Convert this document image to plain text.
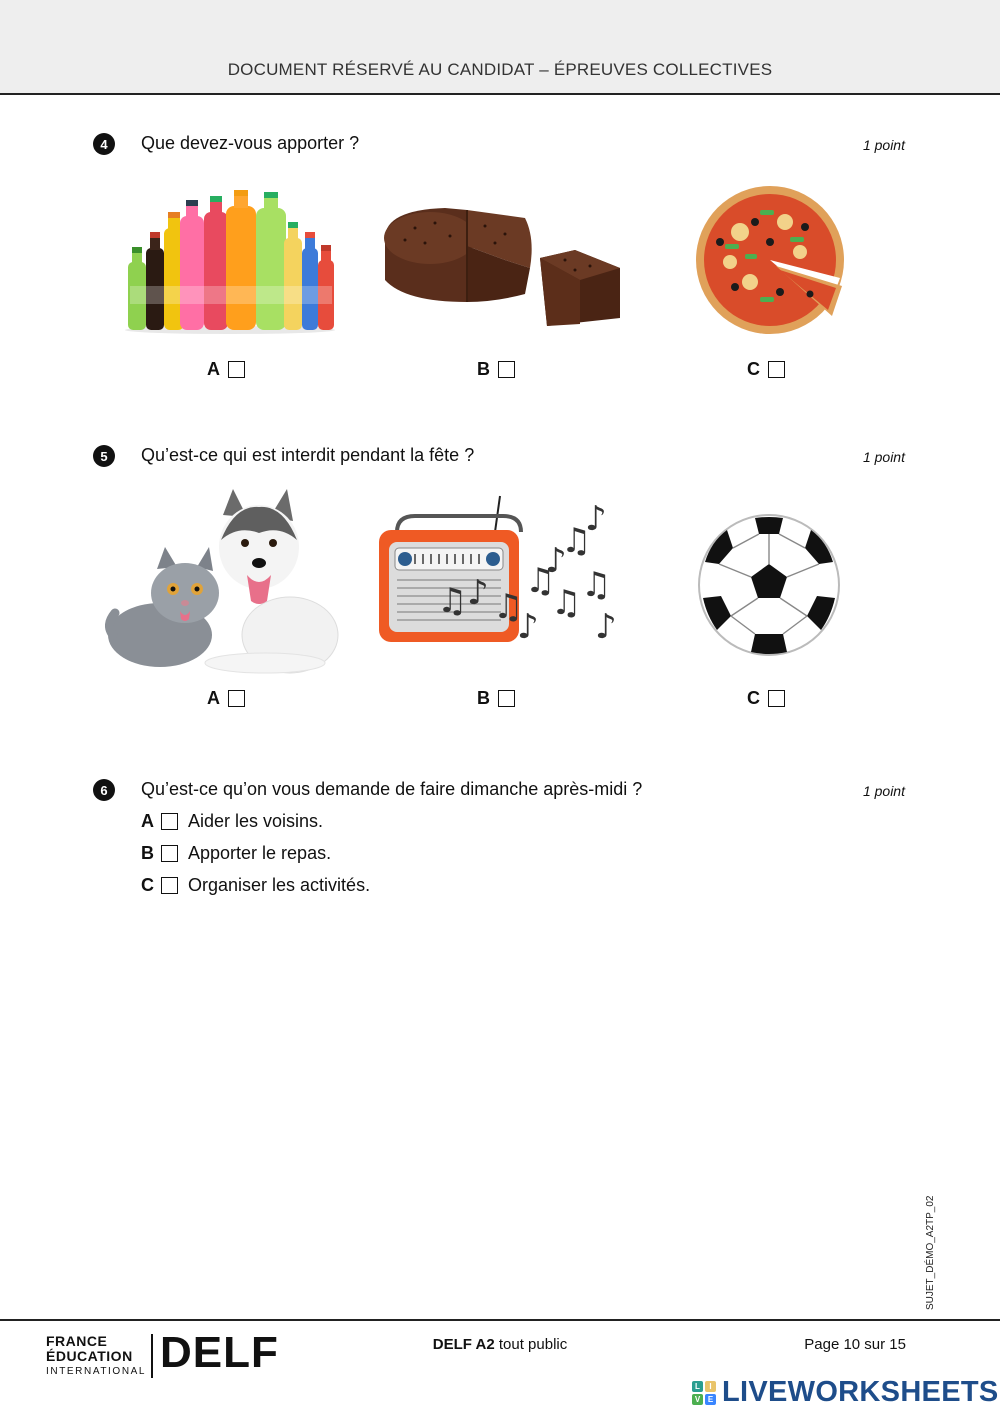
DOCUMENT RÉSERVÉ AU CANDIDAT – ÉPREUVES COLLECTIVES
4	Que devez-vous apporter ?	1 point
A	B	C
5	Qu’est-ce qui est interdit pendant la fête ?	1 point
♫ ♪ ♫
♫
♪
♫
♪
♫ ♫
♪ ♪
A	B	C
6	Qu’est-ce qu’on vous demande de faire dimanche après-midi ?	1 point
A Aider les voisins.
B Apporter le repas.
C Organiser les activités.
SUJET_DÉMO_A2TP_02
FRANCE
ÉDUCATION
INTERNATIONAL DELF	DELF A2 tout public	Page 10 sur 15
L	I
V E LIVEWORKSHEETS
